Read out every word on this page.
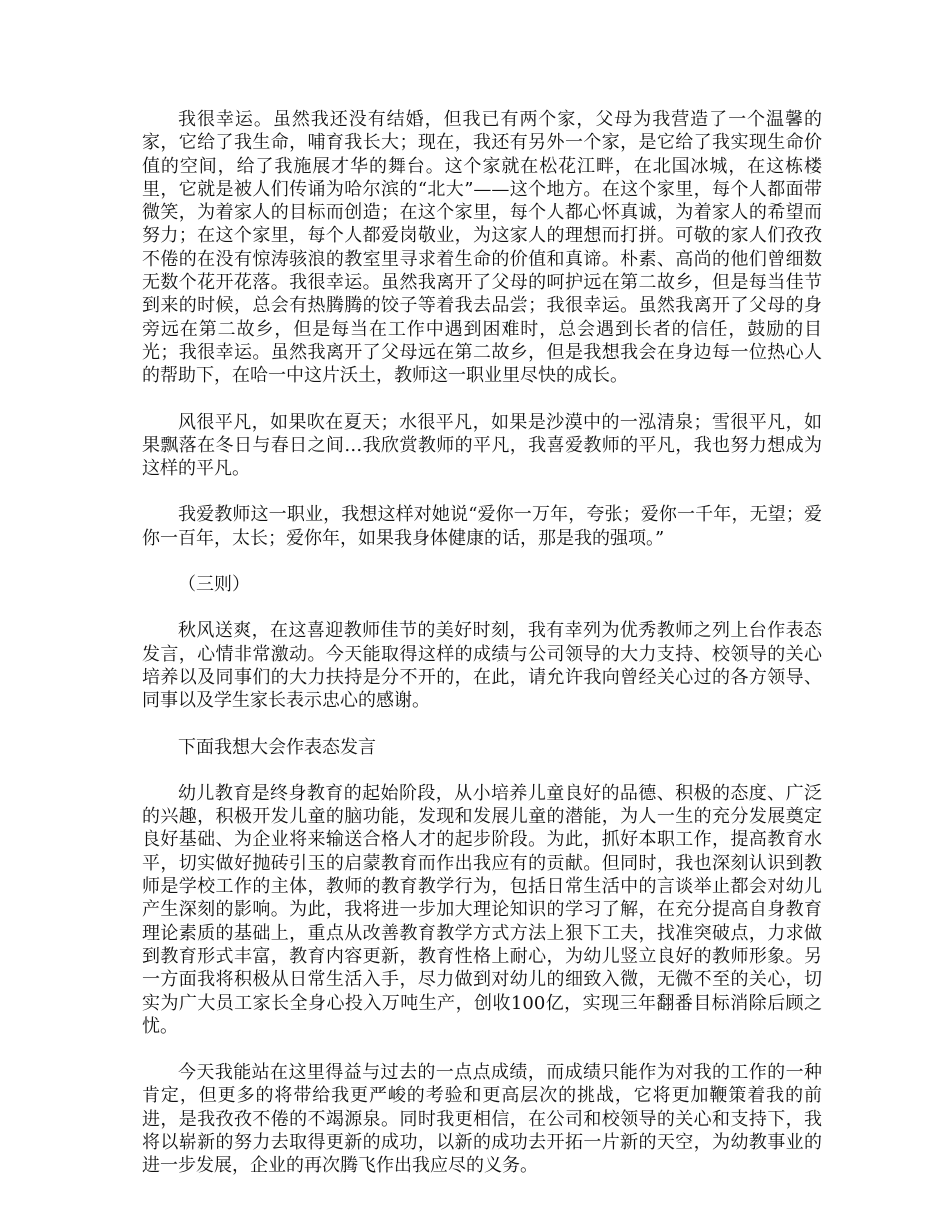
我很幸运。虽然我还没有结婚，但我已有两个家，父母为我营造了一个温馨的家，它给了我生命，哺育我长大；现在，我还有另外一个家，是它给了我实现生命价值的空间，给了我施展才华的舞台。这个家就在松花江畔，在北国冰城，在这栋楼里，它就是被人们传诵为哈尔滨的“北大”——这个地方。在这个家里，每个人都面带微笑，为着家人的目标而创造；在这个家里，每个人都心怀真诚，为着家人的希望而努力；在这个家里，每个人都爱岗敬业，为这家人的理想而打拼。可敬的家人们孜孜不倦的在没有惊涛骇浪的教室里寻求着生命的价值和真谛。朴素、高尚的他们曾细数无数个花开花落。我很幸运。虽然我离开了父母的呵护远在第二故乡，但是每当佳节到来的时候，总会有热腾腾的饺子等着我去品尝；我很幸运。虽然我离开了父母的身旁远在第二故乡，但是每当在工作中遇到困难时，总会遇到长者的信任，鼓励的目光；我很幸运。虽然我离开了父母远在第二故乡，但是我想我会在身边每一位热心人的帮助下，在哈一中这片沃土，教师这一职业里尽快的成长。

风很平凡，如果吹在夏天；水很平凡，如果是沙漠中的一泓清泉；雪很平凡，如果飘落在冬日与春日之间…我欣赏教师的平凡，我喜爱教师的平凡，我也努力想成为这样的平凡。

我爱教师这一职业，我想这样对她说“爱你一万年，夸张；爱你一千年，无望；爱你一百年，太长；爱你年，如果我身体健康的话，那是我的强项。”

（三则）

秋风送爽，在这喜迎教师佳节的美好时刻，我有幸列为优秀教师之列上台作表态发言，心情非常激动。今天能取得这样的成绩与公司领导的大力支持、校领导的关心培养以及同事们的大力扶持是分不开的，在此，请允许我向曾经关心过的各方领导、同事以及学生家长表示忠心的感谢。

下面我想大会作表态发言

幼儿教育是终身教育的起始阶段，从小培养儿童良好的品德、积极的态度、广泛的兴趣，积极开发儿童的脑功能，发现和发展儿童的潜能，为人一生的充分发展奠定良好基础、为企业将来输送合格人才的起步阶段。为此，抓好本职工作，提高教育水平，切实做好抛砖引玉的启蒙教育而作出我应有的贡献。但同时，我也深刻认识到教师是学校工作的主体，教师的教育教学行为，包括日常生活中的言谈举止都会对幼儿产生深刻的影响。为此，我将进一步加大理论知识的学习了解，在充分提高自身教育理论素质的基础上，重点从改善教育教学方式方法上狠下工夫，找准突破点，力求做到教育形式丰富，教育内容更新，教育性格上耐心，为幼儿竖立良好的教师形象。另一方面我将积极从日常生活入手，尽力做到对幼儿的细致入微，无微不至的关心，切实为广大员工家长全身心投入万吨生产，创收100亿，实现三年翻番目标消除后顾之忧。

今天我能站在这里得益与过去的一点点成绩，而成绩只能作为对我的工作的一种肯定，但更多的将带给我更严峻的考验和更高层次的挑战，它将更加鞭策着我的前进，是我孜孜不倦的不竭源泉。同时我更相信，在公司和校领导的关心和支持下，我将以崭新的努力去取得更新的成功，以新的成功去开拓一片新的天空，为幼教事业的进一步发展，企业的再次腾飞作出我应尽的义务。
